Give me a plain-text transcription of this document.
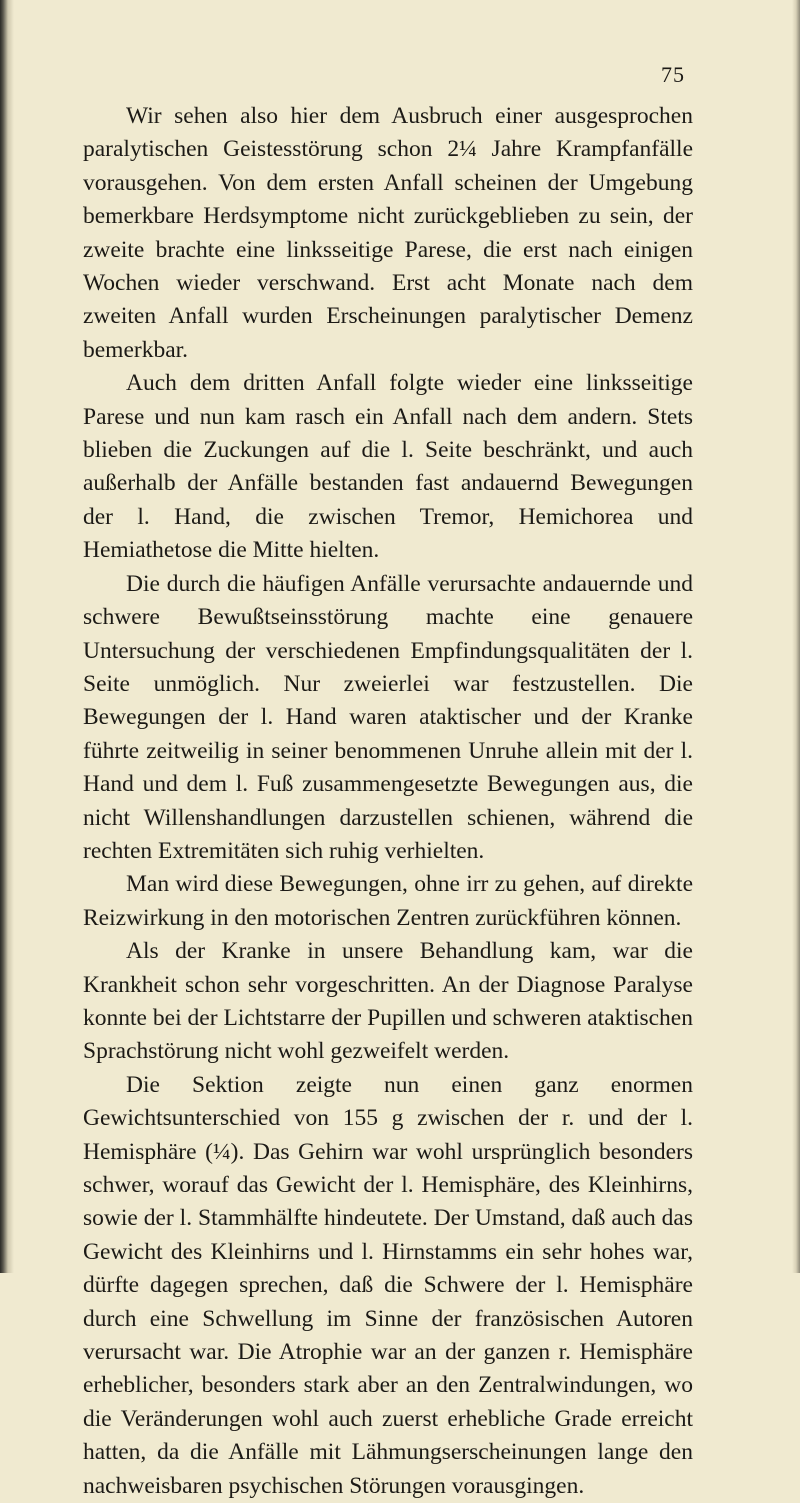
75

Wir sehen also hier dem Ausbruch einer ausgesprochen paralytischen Geistesstörung schon 2¼ Jahre Krampfanfälle vorausgehen. Von dem ersten Anfall scheinen der Umgebung bemerkbare Herdsymptome nicht zurückgeblieben zu sein, der zweite brachte eine linksseitige Parese, die erst nach einigen Wochen wieder verschwand. Erst acht Monate nach dem zweiten Anfall wurden Erscheinungen paralytischer Demenz bemerkbar.

Auch dem dritten Anfall folgte wieder eine linksseitige Parese und nun kam rasch ein Anfall nach dem andern. Stets blieben die Zuckungen auf die l. Seite beschränkt, und auch außerhalb der Anfälle bestanden fast andauernd Bewegungen der l. Hand, die zwischen Tremor, Hemichorea und Hemiathetose die Mitte hielten.

Die durch die häufigen Anfälle verursachte andauernde und schwere Bewußtseinsstörung machte eine genauere Untersuchung der verschiedenen Empfindungsqualitäten der l. Seite unmöglich. Nur zweierlei war festzustellen. Die Bewegungen der l. Hand waren ataktischer und der Kranke führte zeitweilig in seiner benommenen Unruhe allein mit der l. Hand und dem l. Fuß zusammengesetzte Bewegungen aus, die nicht Willenshandlungen darzustellen schienen, während die rechten Extremitäten sich ruhig verhielten.

Man wird diese Bewegungen, ohne irr zu gehen, auf direkte Reizwirkung in den motorischen Zentren zurückführen können.

Als der Kranke in unsere Behandlung kam, war die Krankheit schon sehr vorgeschritten. An der Diagnose Paralyse konnte bei der Lichtstarre der Pupillen und schweren ataktischen Sprachstörung nicht wohl gezweifelt werden.

Die Sektion zeigte nun einen ganz enormen Gewichtsunterschied von 155 g zwischen der r. und der l. Hemisphäre (¼). Das Gehirn war wohl ursprünglich besonders schwer, worauf das Gewicht der l. Hemisphäre, des Kleinhirns, sowie der l. Stammhälfte hindeutete. Der Umstand, daß auch das Gewicht des Kleinhirns und l. Hirnstamms ein sehr hohes war, dürfte dagegen sprechen, daß die Schwere der l. Hemisphäre durch eine Schwellung im Sinne der französischen Autoren verursacht war. Die Atrophie war an der ganzen r. Hemisphäre erheblicher, besonders stark aber an den Zentralwindungen, wo die Veränderungen wohl auch zuerst erhebliche Grade erreicht hatten, da die Anfälle mit Lähmungserscheinungen lange den nachweisbaren psychischen Störungen vorausgingen.
